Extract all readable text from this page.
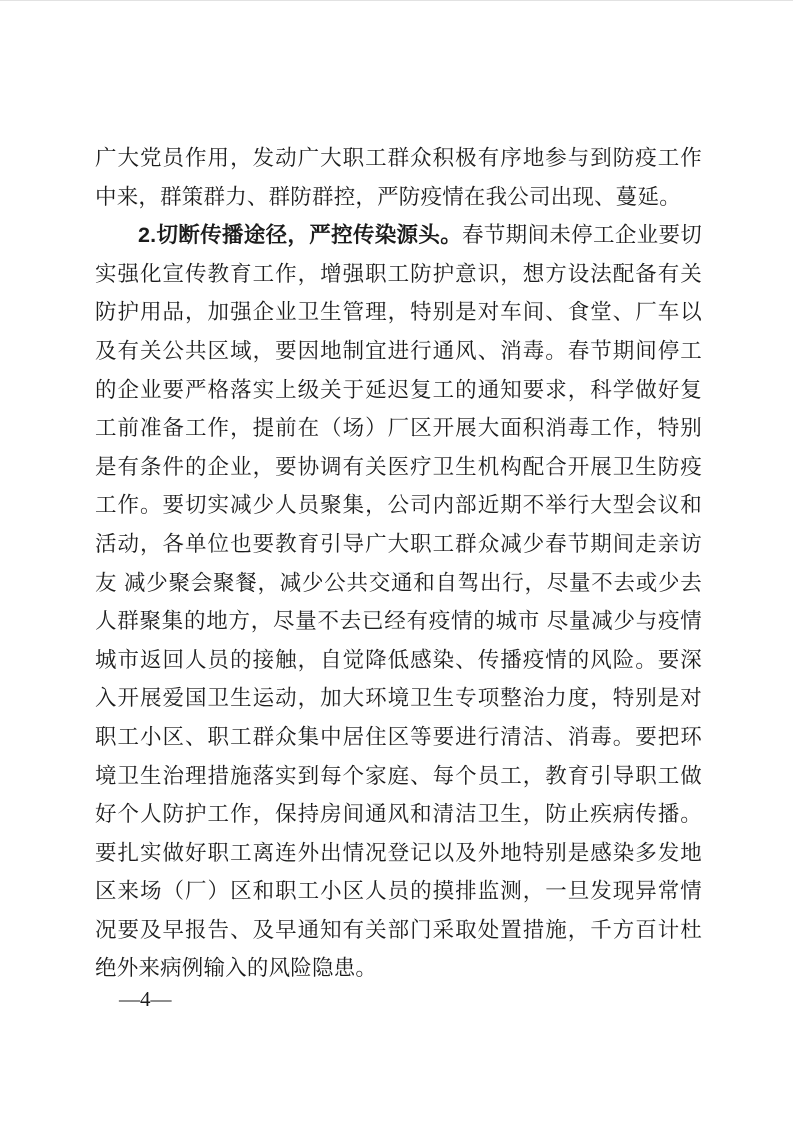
广大党员作用，发动广大职工群众积极有序地参与到防疫工作中来，群策群力、群防群控，严防疫情在我公司出现、蔓延。

2.切断传播途径，严控传染源头。春节期间未停工企业要切实强化宣传教育工作，增强职工防护意识，想方设法配备有关防护用品，加强企业卫生管理，特别是对车间、食堂、厂车以及有关公共区域，要因地制宜进行通风、消毒。春节期间停工的企业要严格落实上级关于延迟复工的通知要求，科学做好复工前准备工作，提前在（场）厂区开展大面积消毒工作，特别是有条件的企业，要协调有关医疗卫生机构配合开展卫生防疫工作。要切实减少人员聚集，公司内部近期不举行大型会议和活动，各单位也要教育引导广大职工群众减少春节期间走亲访友 减少聚会聚餐，减少公共交通和自驾出行，尽量不去或少去人群聚集的地方，尽量不去已经有疫情的城市 尽量减少与疫情城市返回人员的接触，自觉降低感染、传播疫情的风险。要深入开展爱国卫生运动，加大环境卫生专项整治力度，特别是对职工小区、职工群众集中居住区等要进行清洁、消毒。要把环境卫生治理措施落实到每个家庭、每个员工，教育引导职工做好个人防护工作，保持房间通风和清洁卫生，防止疾病传播。要扎实做好职工离连外出情况登记以及外地特别是感染多发地区来场（厂）区和职工小区人员的摸排监测，一旦发现异常情况要及早报告、及早通知有关部门采取处置措施，千方百计杜绝外来病例输入的风险隐患。

—4—
